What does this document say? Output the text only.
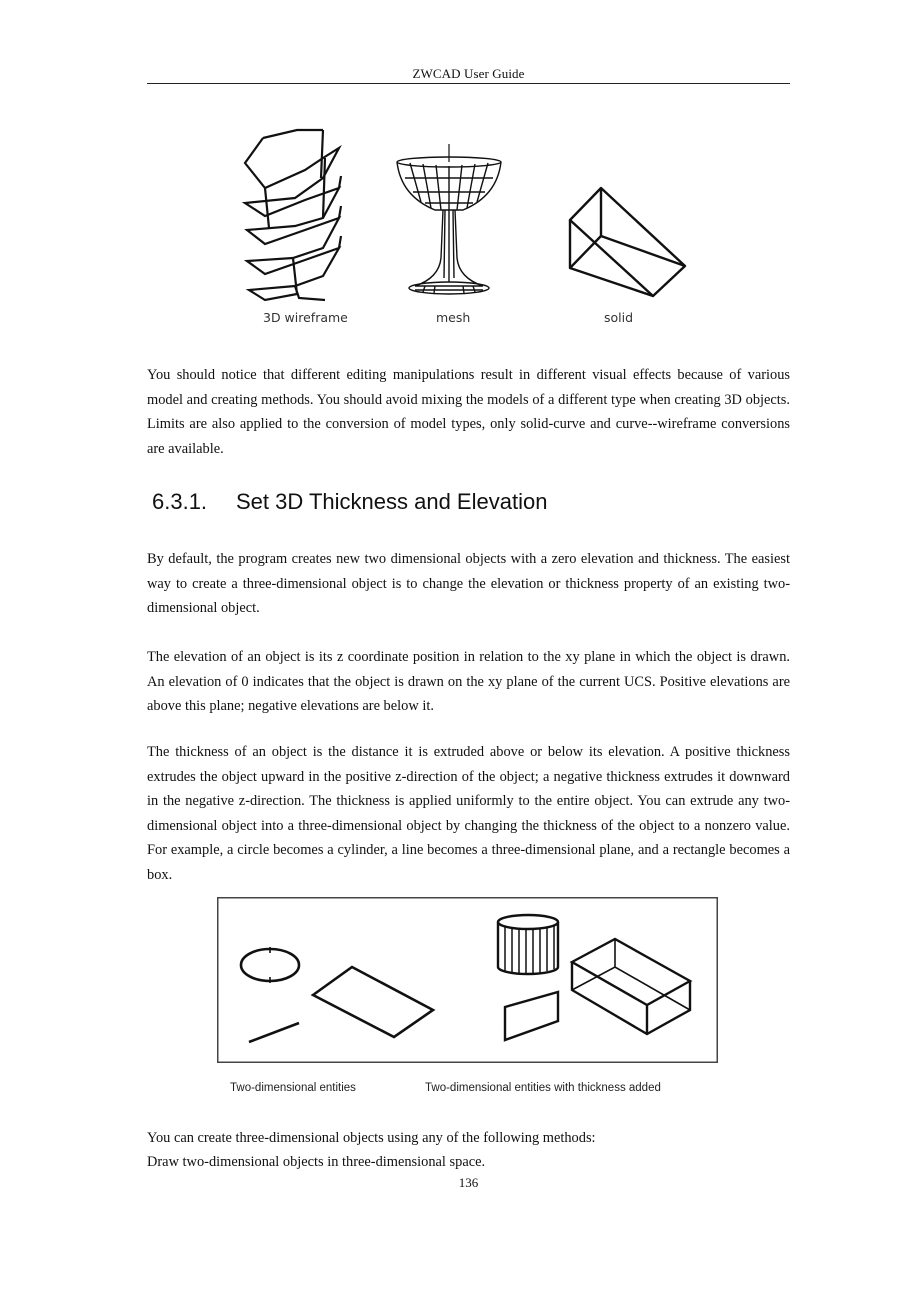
ZWCAD User Guide
3D wireframe	mesh	solid

You should notice that different editing manipulations result in different visual effects because of various model and creating methods. You should avoid mixing the models of a different type when creating 3D objects. Limits are also applied to the conversion of model types, only solid-curve and curve--wireframe conversions are available.

6.3.1. Set 3D Thickness and Elevation

By default, the program creates new two dimensional objects with a zero elevation and thickness. The easiest way to create a three-dimensional object is to change the elevation or thickness property of an existing two-dimensional object.

The elevation of an object is its z coordinate position in relation to the xy plane in which the object is drawn. An elevation of 0 indicates that the object is drawn on the xy plane of the current UCS. Positive elevations are above this plane; negative elevations are below it.

The thickness of an object is the distance it is extruded above or below its elevation. A positive thickness extrudes the object upward in the positive z-direction of the object; a negative thickness extrudes it downward in the negative z-direction. The thickness is applied uniformly to the entire object. You can extrude any two-dimensional object into a three-dimensional object by changing the thickness of the object to a nonzero value. For example, a circle becomes a cylinder, a line becomes a three-dimensional plane, and a rectangle becomes a box.

Two-dimensional entities	Two-dimensional entities with thickness added
You can create three-dimensional objects using any of the following methods:
Draw two-dimensional objects in three-dimensional space.
136
